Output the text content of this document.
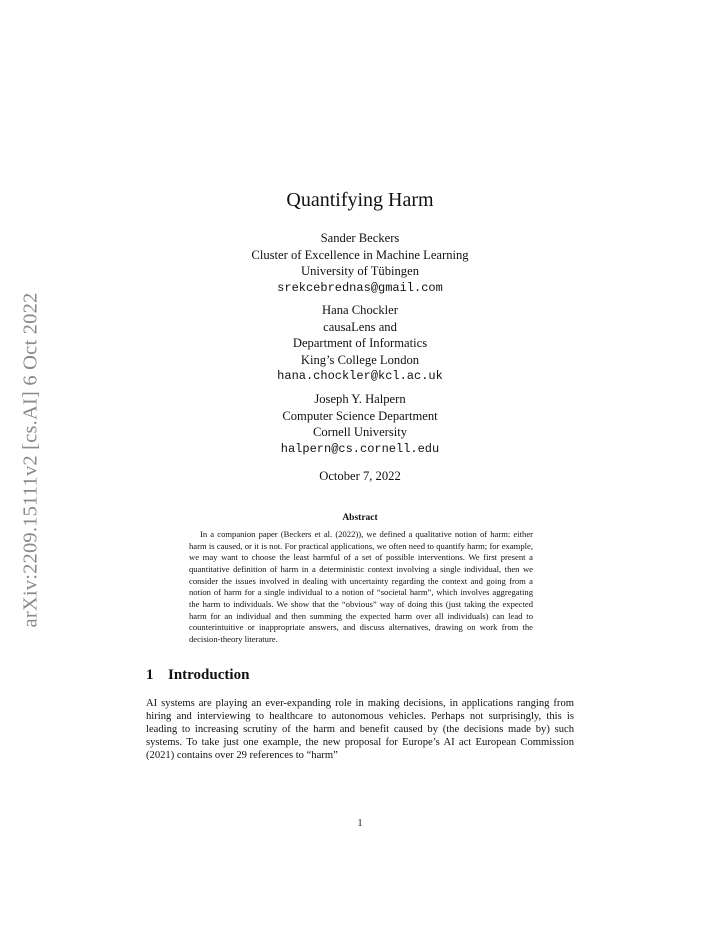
arXiv:2209.15111v2 [cs.AI] 6 Oct 2022
Quantifying Harm
Sander Beckers
Cluster of Excellence in Machine Learning
University of Tübingen
srekcebrednas@gmail.com
Hana Chockler
causaLens and
Department of Informatics
King’s College London
hana.chockler@kcl.ac.uk
Joseph Y. Halpern
Computer Science Department
Cornell University
halpern@cs.cornell.edu
October 7, 2022
Abstract
In a companion paper (Beckers et al. (2022)), we defined a qualitative notion of harm: either harm is caused, or it is not. For practical applications, we often need to quantify harm; for example, we may want to choose the least harmful of a set of possible interventions. We first present a quantitative definition of harm in a deterministic context involving a single individual, then we consider the issues involved in dealing with uncertainty regarding the context and going from a notion of harm for a single individual to a notion of “societal harm”, which involves aggregating the harm to individuals. We show that the “obvious” way of doing this (just taking the expected harm for an individual and then summing the expected harm over all individuals) can lead to counterintuitive or inappropriate answers, and discuss alternatives, drawing on work from the decision-theory literature.
1 Introduction
AI systems are playing an ever-expanding role in making decisions, in applications ranging from hiring and interviewing to healthcare to autonomous vehicles. Perhaps not surprisingly, this is leading to increasing scrutiny of the harm and benefit caused by (the decisions made by) such systems. To take just one example, the new proposal for Europe’s AI act European Commission (2021) contains over 29 references to “harm”
1
